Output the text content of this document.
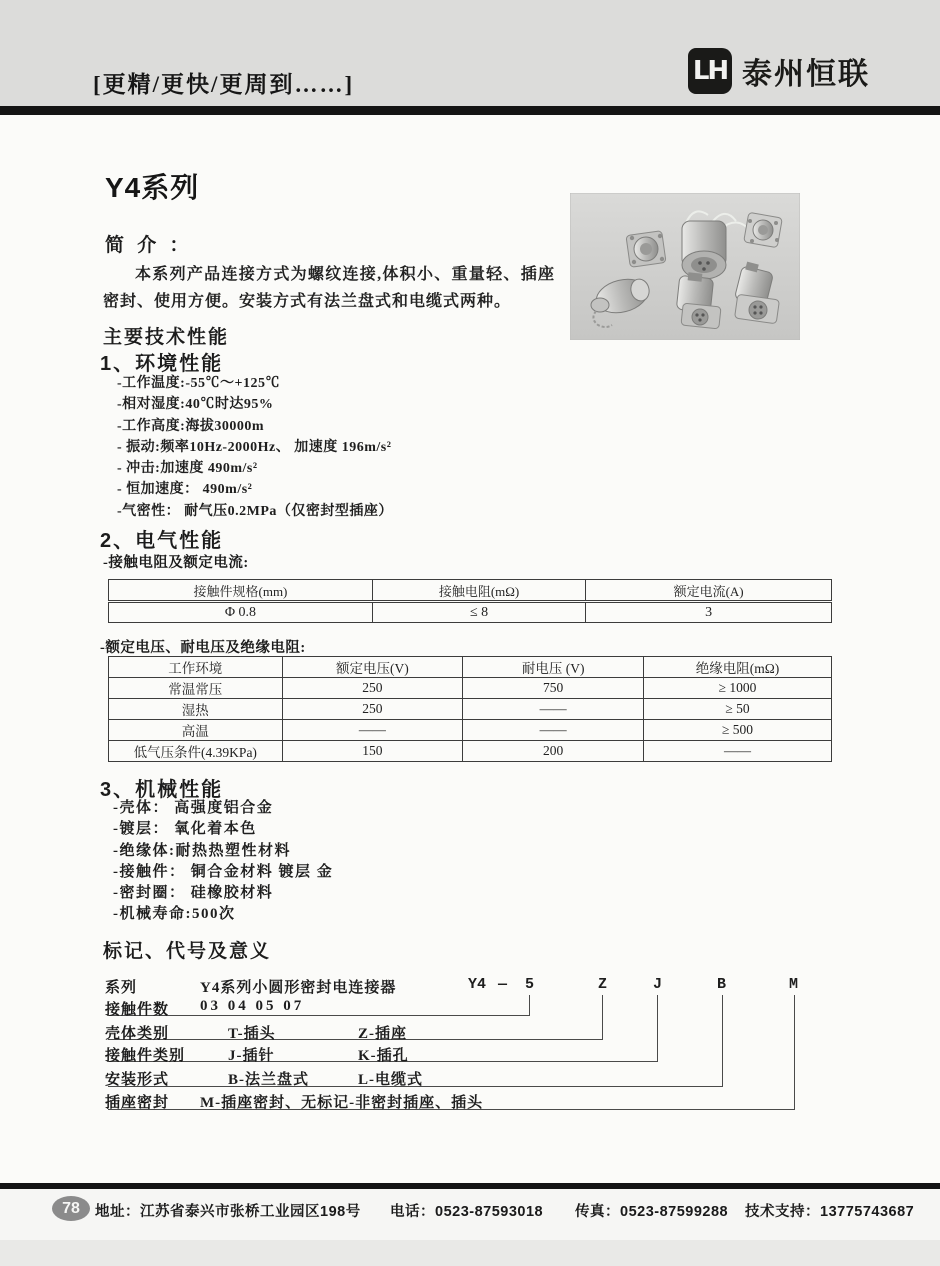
[更精/更快/更周到……]	LH 泰州恒联
Y4系列
简 介 ：
本系列产品连接方式为螺纹连接,体积小、重量轻、插座密封、使用方便。安装方式有法兰盘式和电缆式两种。
主要技术性能
1、环境性能
-工作温度:-55℃～+125℃
-相对湿度:40℃时达95%
-工作高度:海拔30000m
- 振动:频率10Hz-2000Hz、 加速度 196m/s²
- 冲击:加速度 490m/s²
- 恒加速度： 490m/s²
-气密性： 耐气压0.2MPa（仅密封型插座）
2、电气性能
-接触电阻及额定电流:
接触件规格(mm)	接触电阻(mΩ)	额定电流(A)
Φ 0.8	≤ 8	3
-额定电压、耐电压及绝缘电阻:
工作环境	额定电压(V)	耐电压 (V)	绝缘电阻(mΩ)
常温常压	250	750	≥ 1000
湿热	250	——	≥ 50
高温	——	——	≥ 500
低气压条件(4.39KPa)	150	200	——
3、机械性能
-壳体： 高强度铝合金
-镀层： 氧化着本色
-绝缘体:耐热热塑性材料
-接触件： 铜合金材料 镀层 金
-密封圈： 硅橡胶材料
-机械寿命:500次
标记、代号及意义
系列	Y4系列小圆形密封电连接器	Y4 — 5	Z	J	B	M
接触件数 03 04 05 07
壳体类别	T-插头	Z-插座
接触件类别	J-插针	K-插孔
安装形式	B-法兰盘式	L-电缆式
插座密封 M-插座密封、无标记-非密封插座、插头
78	地址：江苏省泰兴市张桥工业园区198号 电话：0523-87593018 传真：0523-87599288 技术支持：13775743687
